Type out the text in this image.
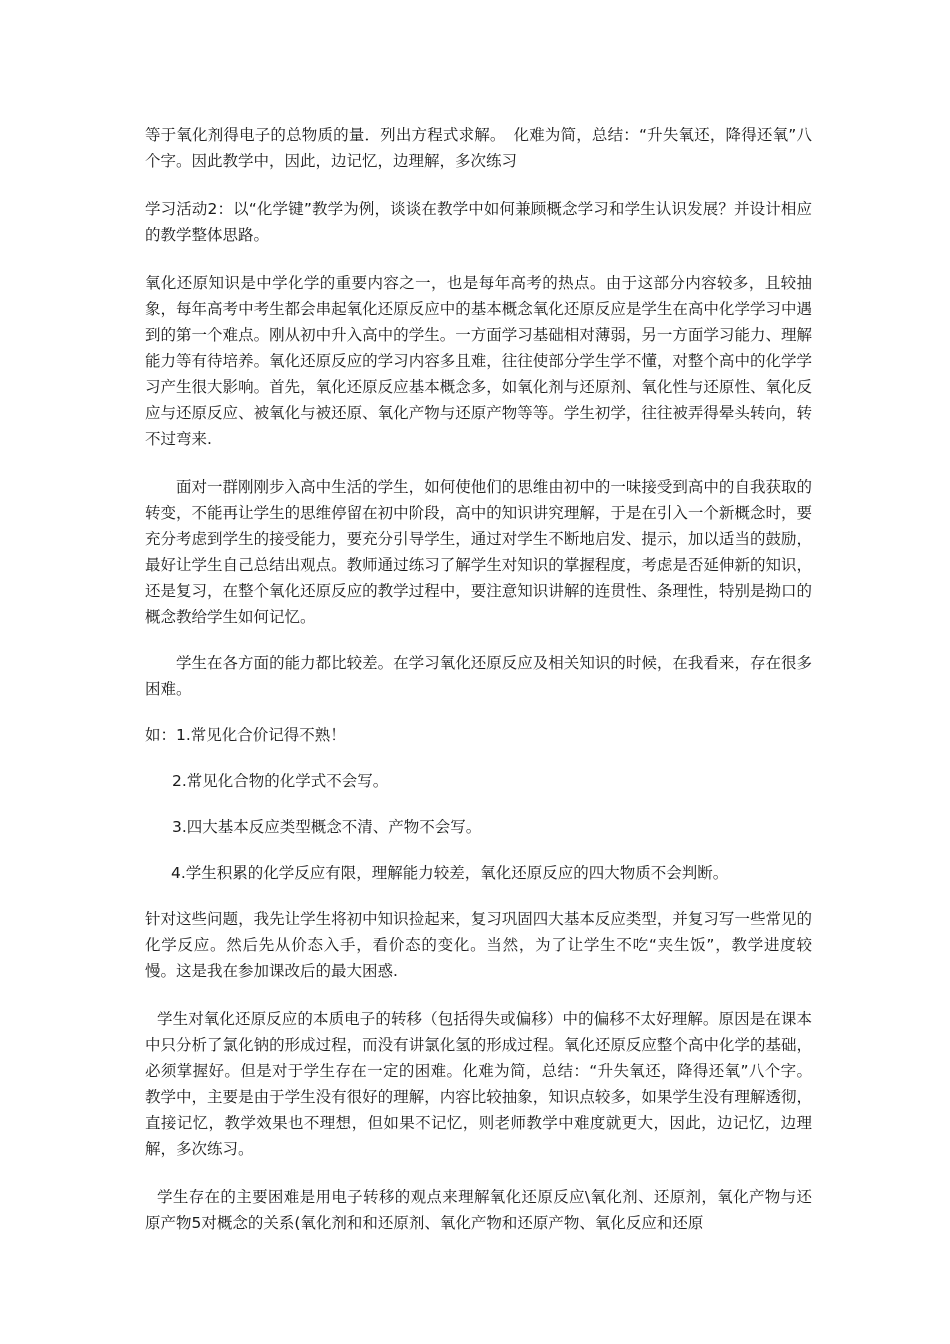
等于氧化剂得电子的总物质的量．列出方程式求解。　化难为简，总结：“升失氧还，降得还氧”八个字。因此教学中，因此，边记忆，边理解，多次练习

学习活动2：以“化学键”教学为例，谈谈在教学中如何兼顾概念学习和学生认识发展？并设计相应的教学整体思路。

氧化还原知识是中学化学的重要内容之一，也是每年高考的热点。由于这部分内容较多，且较抽象，每年高考中考生都会串起氧化还原反应中的基本概念氧化还原反应是学生在高中化学学习中遇到的第一个难点。刚从初中升入高中的学生。一方面学习基础相对薄弱，另一方面学习能力、理解能力等有待培养。氧化还原反应的学习内容多且难，往往使部分学生学不懂，对整个高中的化学学习产生很大影响。首先，氧化还原反应基本概念多，如氧化剂与还原剂、氧化性与还原性、氧化反应与还原反应、被氧化与被还原、氧化产物与还原产物等等。学生初学，往往被弄得晕头转向，转不过弯来.

面对一群刚刚步入高中生活的学生，如何使他们的思维由初中的一味接受到高中的自我获取的转变，不能再让学生的思维停留在初中阶段，高中的知识讲究理解，于是在引入一个新概念时，要充分考虑到学生的接受能力，要充分引导学生，通过对学生不断地启发、提示，加以适当的鼓励，最好让学生自己总结出观点。教师通过练习了解学生对知识的掌握程度，考虑是否延伸新的知识，还是复习，在整个氧化还原反应的教学过程中，要注意知识讲解的连贯性、条理性，特别是拗口的概念教给学生如何记忆。

学生在各方面的能力都比较差。在学习氧化还原反应及相关知识的时候，在我看来，存在很多困难。

如：1.常见化合价记得不熟！

2.常见化合物的化学式不会写。

3.四大基本反应类型概念不清、产物不会写。

4.学生积累的化学反应有限，理解能力较差，氧化还原反应的四大物质不会判断。

针对这些问题，我先让学生将初中知识捡起来，复习巩固四大基本反应类型，并复习写一些常见的化学反应。然后先从价态入手，看价态的变化。当然，为了让学生不吃“夹生饭”，教学进度较慢。这是我在参加课改后的最大困惑.

学生对氧化还原反应的本质电子的转移（包括得失或偏移）中的偏移不太好理解。原因是在课本中只分析了氯化钠的形成过程，而没有讲氯化氢的形成过程。氧化还原反应整个高中化学的基础，必须掌握好。但是对于学生存在一定的困难。化难为简，总结：“升失氧还，降得还氧”八个字。教学中，主要是由于学生没有很好的理解，内容比较抽象，知识点较多，如果学生没有理解透彻，直接记忆，教学效果也不理想，但如果不记忆，则老师教学中难度就更大，因此，边记忆，边理解，多次练习。

学生存在的主要困难是用电子转移的观点来理解氧化还原反应\氧化剂、还原剂，氧化产物与还原产物5对概念的关系(氧化剂和和还原剂、氧化产物和还原产物、氧化反应和还原
